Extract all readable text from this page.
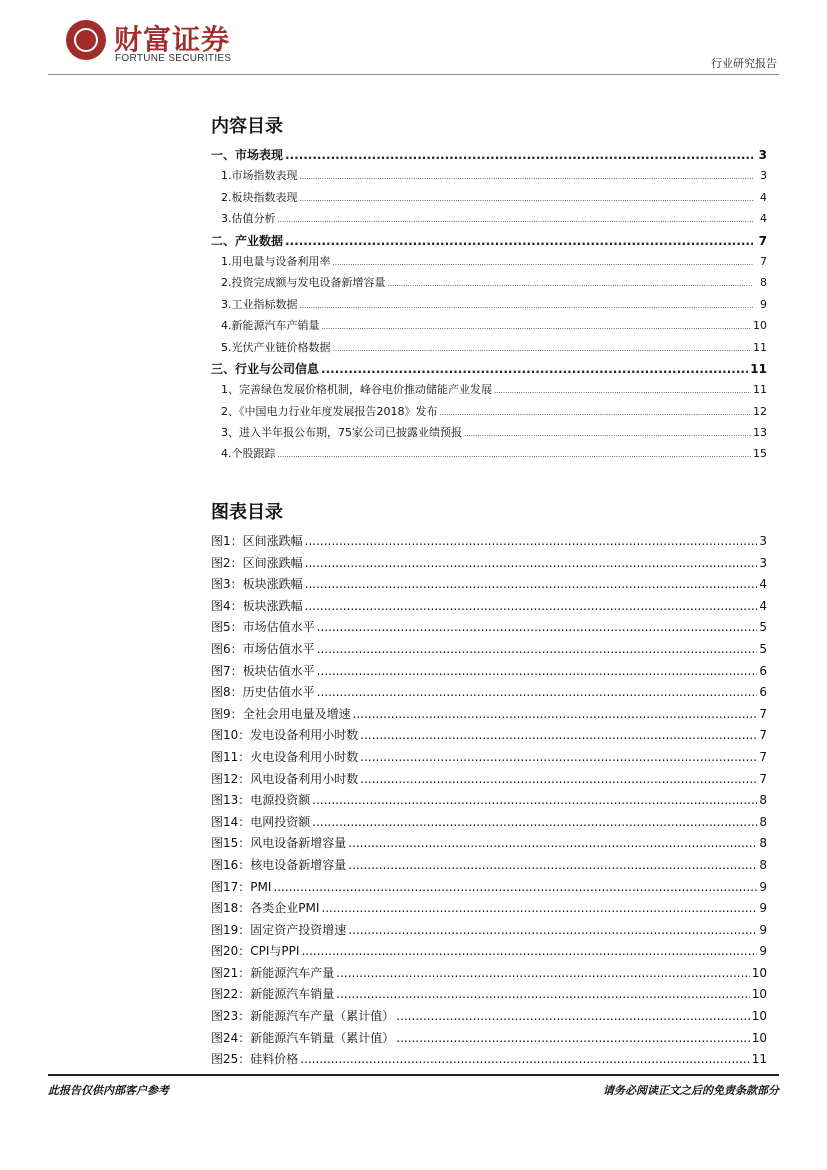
财富证券
FORTUNE SECURITIES	行业研究报告
内容目录
一、市场表现 .....	3
1.市场指数表现 .....	3
2.板块指数表现 .....	4
3.估值分析 .....	4
二、产业数据 .....	7
1.用电量与设备利用率 .....	7
2.投资完成额与发电设备新增容量 .....	8
3.工业指标数据 .....	9
4.新能源汽车产销量 .....	10
5.光伏产业链价格数据 .....	11
三、行业与公司信息 .....	11
1、完善绿色发展价格机制，峰谷电价推动储能产业发展 .....	11
2、《中国电力行业年度发展报告2018》发布 .....	12
3、进入半年报公布期，75家公司已披露业绩预报 .....	13
4.个股跟踪 .....	15
图表目录
图1：区间涨跌幅 .....	3
图2：区间涨跌幅 .....	3
图3：板块涨跌幅 .....	4
图4：板块涨跌幅 .....	4
图5：市场估值水平 .....	5
图6：市场估值水平 .....	5
图7：板块估值水平 .....	6
图8：历史估值水平 .....	6
图9：全社会用电量及增速 .....	7
图10：发电设备利用小时数 .....	7
图11：火电设备利用小时数 .....	7
图12：风电设备利用小时数 .....	7
图13：电源投资额 .....	8
图14：电网投资额 .....	8
图15：风电设备新增容量 .....	8
图16：核电设备新增容量 .....	8
图17：PMI .....	9
图18：各类企业PMI .....	9
图19：固定资产投资增速 .....	9
图20：CPI与PPI .....	9
图21：新能源汽车产量 .....	10
图22：新能源汽车销量 .....	10
图23：新能源汽车产量（累计值） .....	10
图24：新能源汽车销量（累计值） .....	10
图25：硅料价格 .....	11
此报告仅供内部客户参考	请务必阅读正文之后的免责条款部分
